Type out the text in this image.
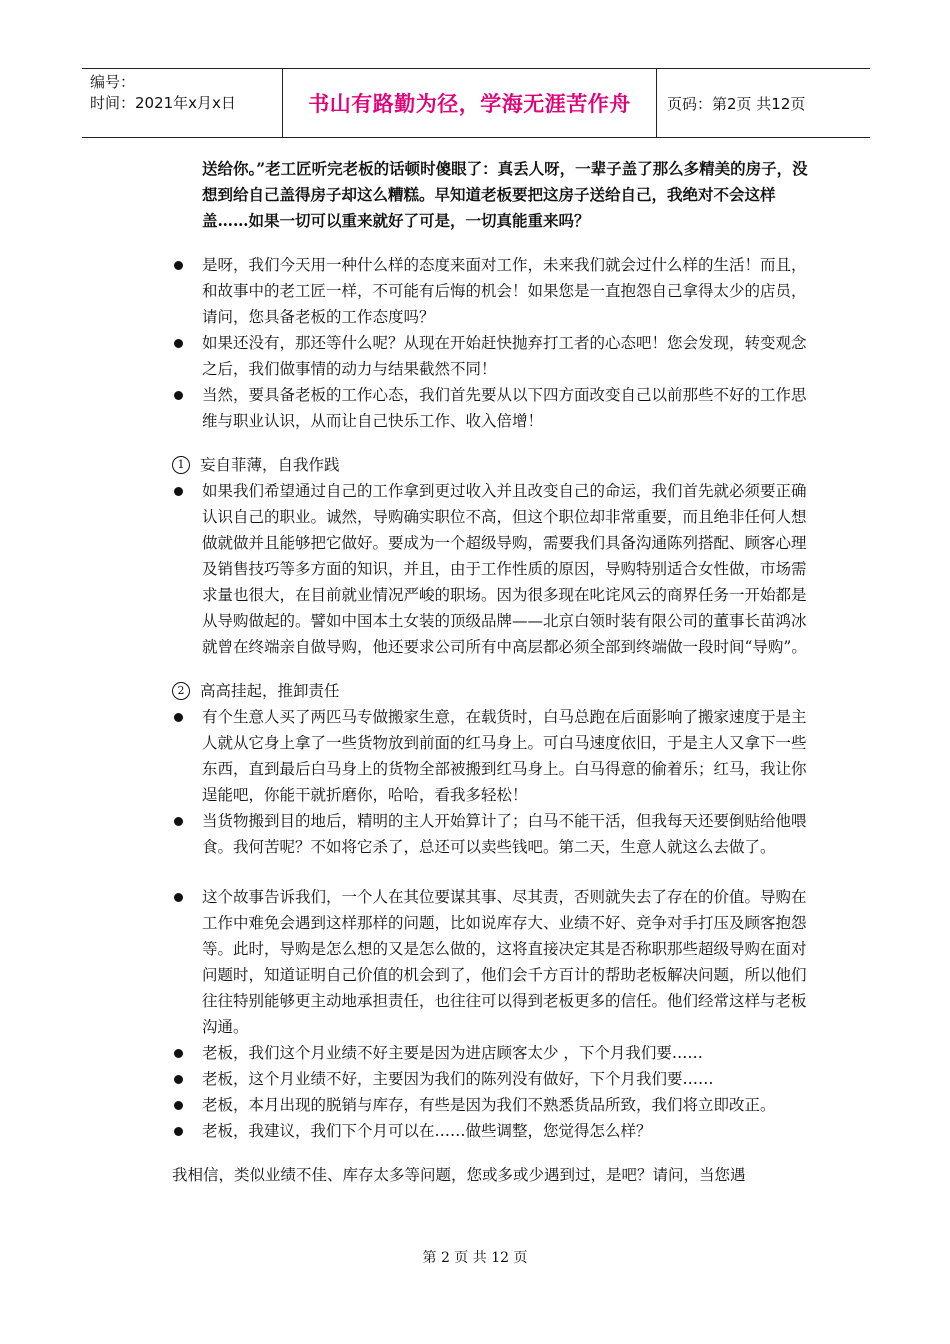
编号：
时间：2021年x月x日	书山有路勤为径，学海无涯苦作舟 页码：第2页 共12页
送给你。”老工匠听完老板的话顿时傻眼了：真丢人呀，一辈子盖了那么多精美的房子，没想到给自己盖得房子却这么糟糕。早知道老板要把这房子送给自己，我绝对不会这样盖……如果一切可以重来就好了可是，一切真能重来吗？
是呀，我们今天用一种什么样的态度来面对工作，未来我们就会过什么样的生活！而且，和故事中的老工匠一样，不可能有后悔的机会！如果您是一直抱怨自己拿得太少的店员，请问，您具备老板的工作态度吗？
如果还没有，那还等什么呢？从现在开始赶快抛弃打工者的心态吧！您会发现，转变观念之后，我们做事情的动力与结果截然不同！
当然，要具备老板的工作心态，我们首先要从以下四方面改变自己以前那些不好的工作思维与职业认识，从而让自己快乐工作、收入倍增！
1	妄自菲薄，自我作践
如果我们希望通过自己的工作拿到更过收入并且改变自己的命运，我们首先就必须要正确认识自己的职业。诚然，导购确实职位不高，但这个职位却非常重要，而且绝非任何人想做就做并且能够把它做好。要成为一个超级导购，需要我们具备沟通陈列搭配、顾客心理及销售技巧等多方面的知识，并且，由于工作性质的原因，导购特别适合女性做，市场需求量也很大，在目前就业情况严峻的职场。因为很多现在叱诧风云的商界任务一开始都是从导购做起的。譬如中国本土女装的顶级品牌——北京白领时装有限公司的董事长苗鸿冰就曾在终端亲自做导购，他还要求公司所有中高层都必须全部到终端做一段时间“导购”。
2	高高挂起，推卸责任
有个生意人买了两匹马专做搬家生意，在载货时，白马总跑在后面影响了搬家速度于是主人就从它身上拿了一些货物放到前面的红马身上。可白马速度依旧，于是主人又拿下一些东西，直到最后白马身上的货物全部被搬到红马身上。白马得意的偷着乐；红马，我让你逞能吧，你能干就折磨你，哈哈，看我多轻松！
当货物搬到目的地后，精明的主人开始算计了；白马不能干活，但我每天还要倒贴给他喂食。我何苦呢？不如将它杀了，总还可以卖些钱吧。第二天，生意人就这么去做了。
这个故事告诉我们，一个人在其位要谋其事、尽其责，否则就失去了存在的价值。导购在工作中难免会遇到这样那样的问题，比如说库存大、业绩不好、竞争对手打压及顾客抱怨等。此时，导购是怎么想的又是怎么做的，这将直接决定其是否称职那些超级导购在面对问题时，知道证明自己价值的机会到了，他们会千方百计的帮助老板解决问题，所以他们往往特别能够更主动地承担责任，也往往可以得到老板更多的信任。他们经常这样与老板沟通。
老板，我们这个月业绩不好主要是因为进店顾客太少 ，下个月我们要……
老板，这个月业绩不好，主要因为我们的陈列没有做好，下个月我们要……
老板，本月出现的脱销与库存，有些是因为我们不熟悉货品所致，我们将立即改正。
老板，我建议，我们下个月可以在……做些调整，您觉得怎么样？
我相信，类似业绩不佳、库存太多等问题，您或多或少遇到过，是吧？请问，当您遇
第 2 页 共 12 页
